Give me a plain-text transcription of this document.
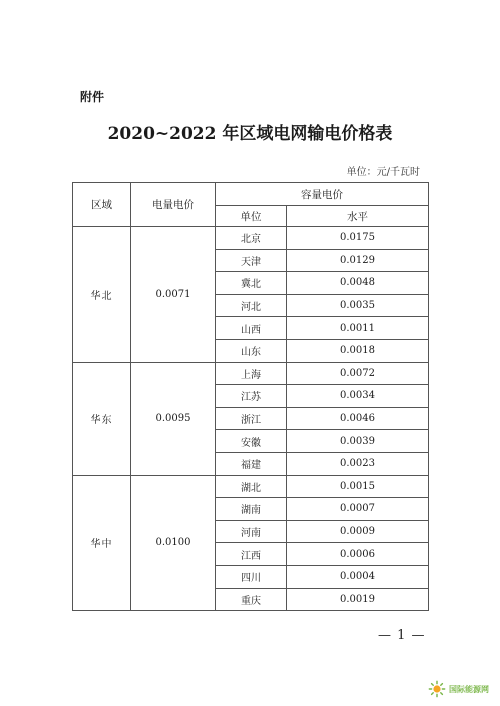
附件
2020~2022 年区域电网输电价格表
单位：元/千瓦时
区域	电量电价	容量电价	
		单位	水平
华北	0.0071	北京	0.0175
		天津	0.0129
		冀北	0.0048
		河北	0.0035
		山西	0.0011
		山东	0.0018
华东	0.0095	上海	0.0072
		江苏	0.0034
		浙江	0.0046
		安徽	0.0039
		福建	0.0023
华中	0.0100	湖北	0.0015
		湖南	0.0007
		河南	0.0009
		江西	0.0006
		四川	0.0004
		重庆	0.0019
— 1 —
国际能源网
